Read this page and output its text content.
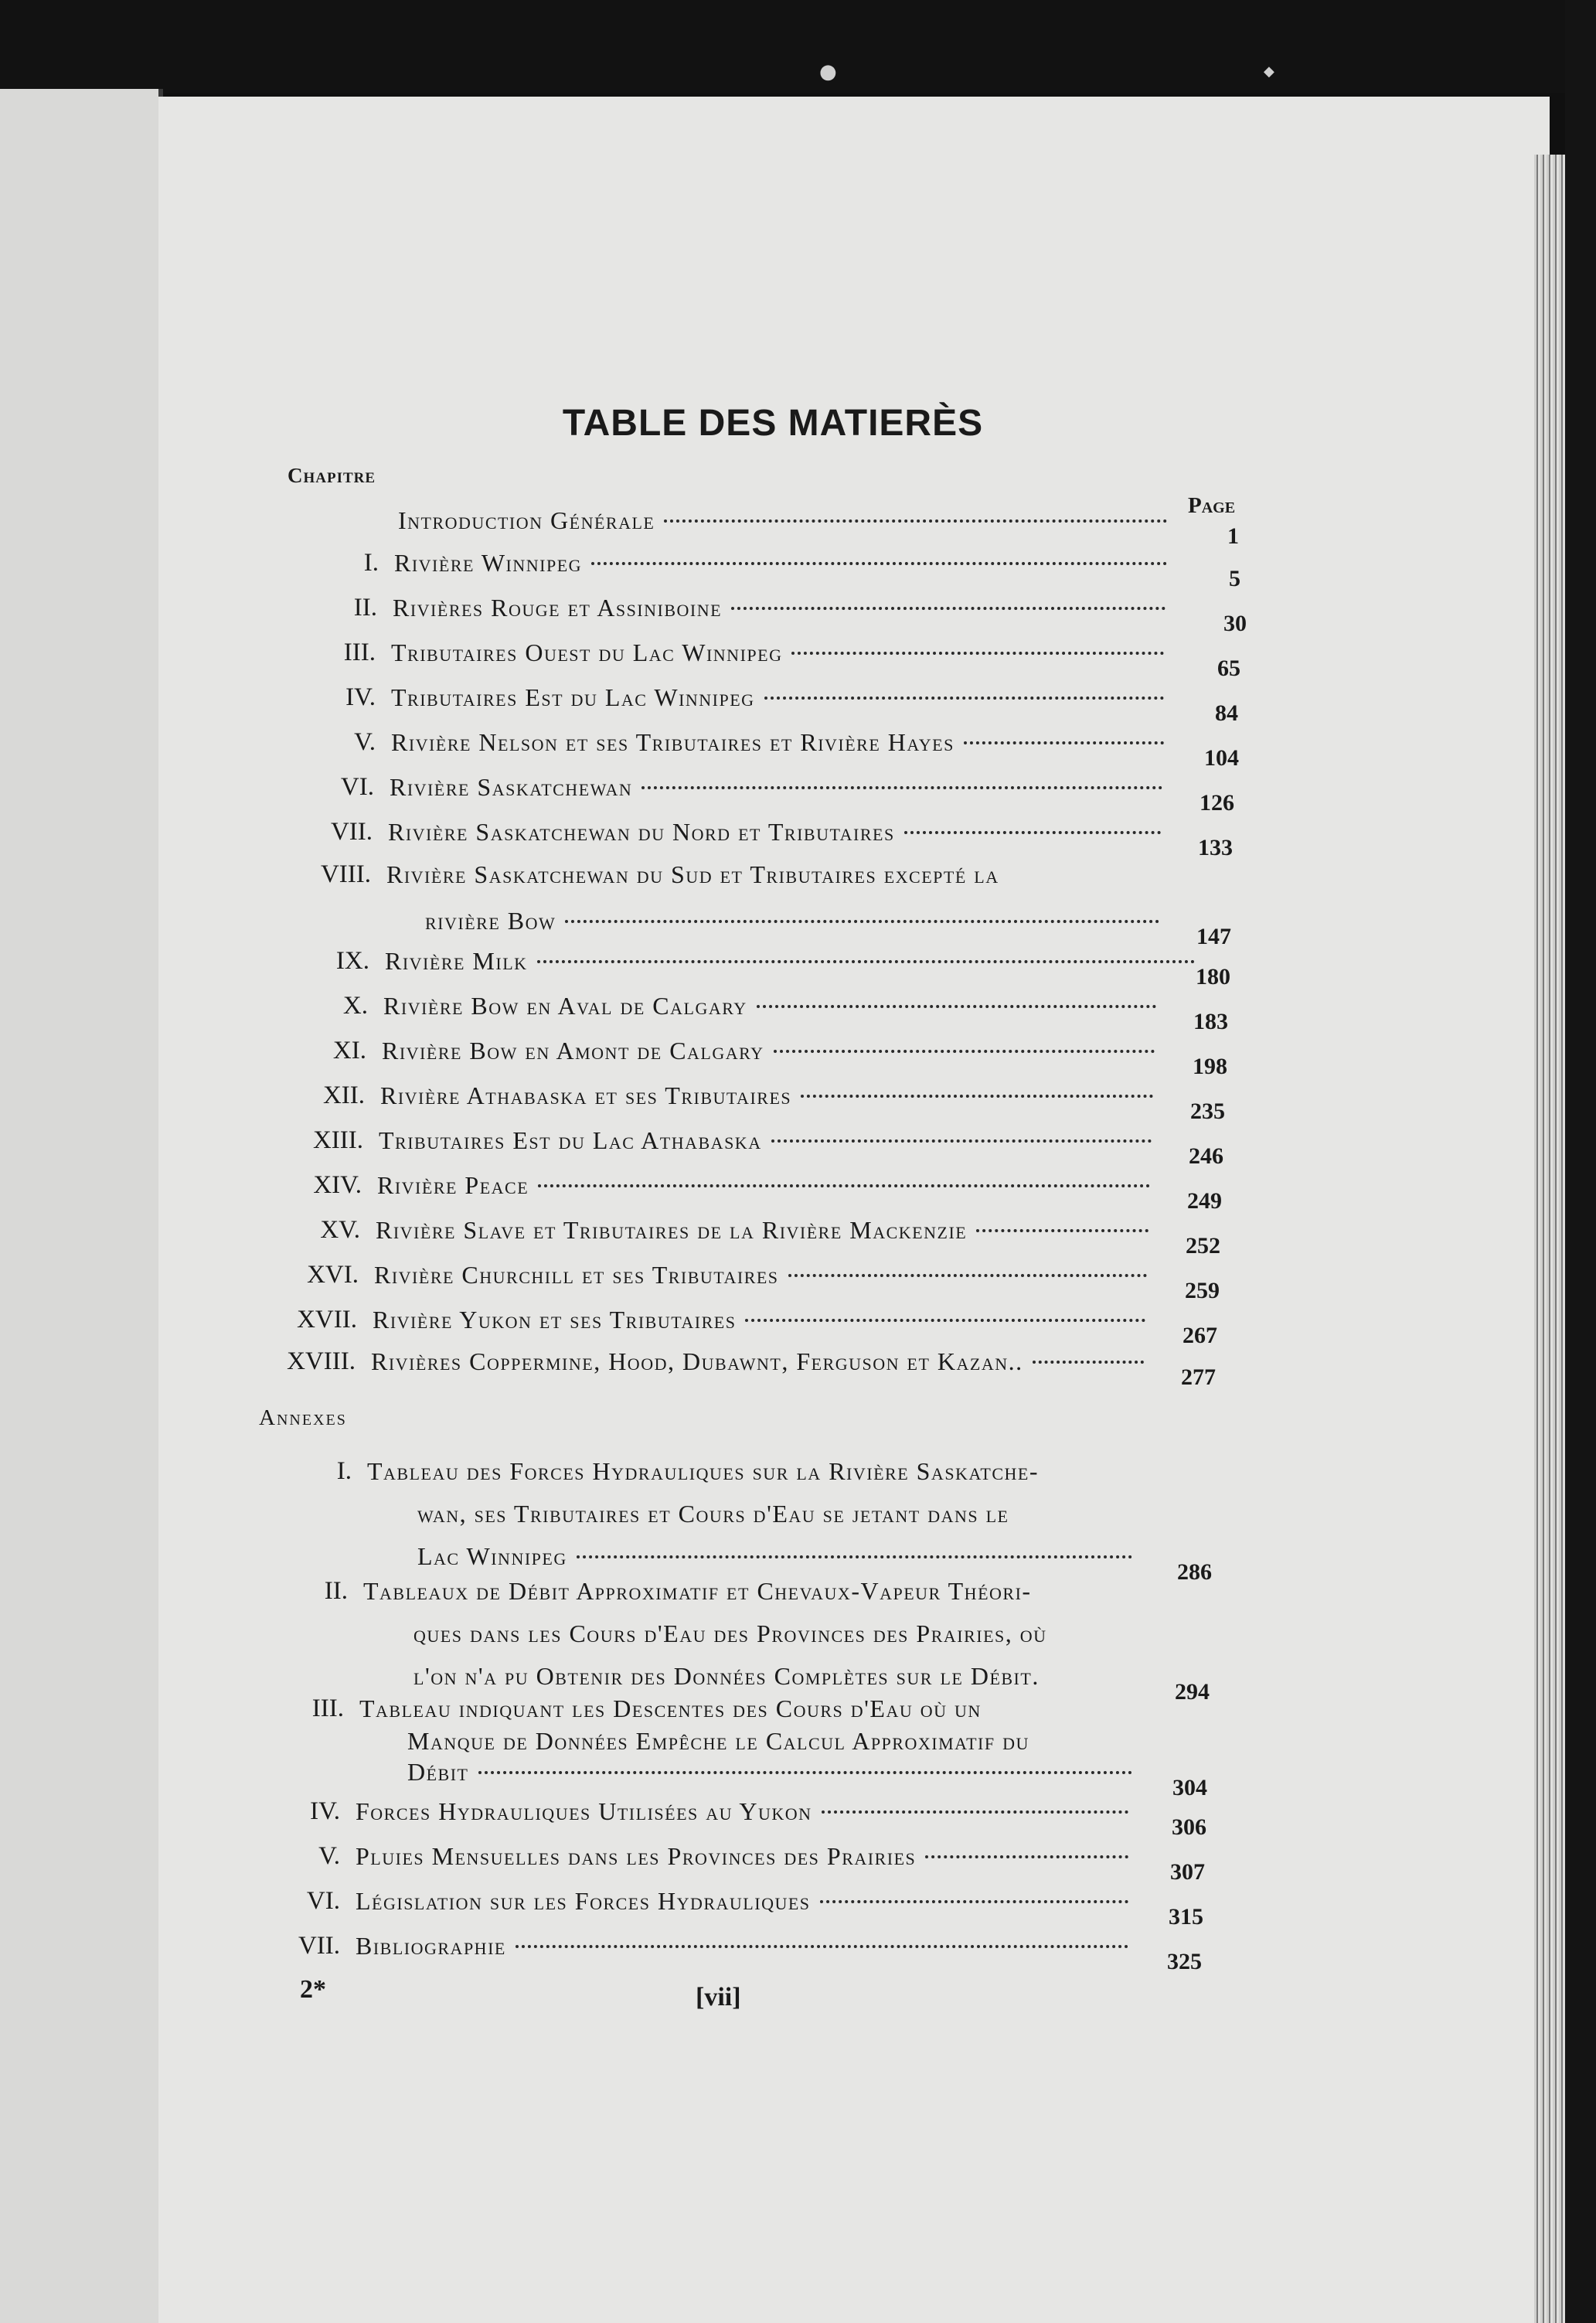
●	◆
TABLE DES MATIERÈS
Chapitre
Page
Introduction Générale
1
I. Rivière Winnipeg
5
II. Rivières Rouge et Assiniboine
30
III. Tributaires Ouest du Lac Winnipeg
65
IV. Tributaires Est du Lac Winnipeg
84
V. Rivière Nelson et ses Tributaires et Rivière Hayes
104
VI. Rivière Saskatchewan
126
VII. Rivière Saskatchewan du Nord et Tributaires
133
VIII. Rivière Saskatchewan du Sud et Tributaires excepté la
rivière Bow
147
IX. Rivière Milk
180
X. Rivière Bow en Aval de Calgary
183
XI. Rivière Bow en Amont de Calgary
198
XII. Rivière Athabaska et ses Tributaires
235
XIII. Tributaires Est du Lac Athabaska
246
XIV. Rivière Peace
249
XV. Rivière Slave et Tributaires de la Rivière Mackenzie
252
XVI. Rivière Churchill et ses Tributaires
259
XVII. Rivière Yukon et ses Tributaires
267
XVIII. Rivières Coppermine, Hood, Dubawnt, Ferguson et Kazan..
277
Annexes
I. Tableau des Forces Hydrauliques sur la Rivière Saskatche-
wan, ses Tributaires et Cours d'Eau se jetant dans le
Lac Winnipeg
286
II. Tableaux de Débit Approximatif et Chevaux-Vapeur Théori-
ques dans les Cours d'Eau des Provinces des Prairies, où
l'on n'a pu Obtenir des Données Complètes sur le Débit.
294
III. Tableau indiquant les Descentes des Cours d'Eau où un
Manque de Données Empêche le Calcul Approximatif du
Débit
304
IV. Forces Hydrauliques Utilisées au Yukon
306
V. Pluies Mensuelles dans les Provinces des Prairies
307
VI. Législation sur les Forces Hydrauliques
315
VII. Bibliographie
325
2*	[vii]
